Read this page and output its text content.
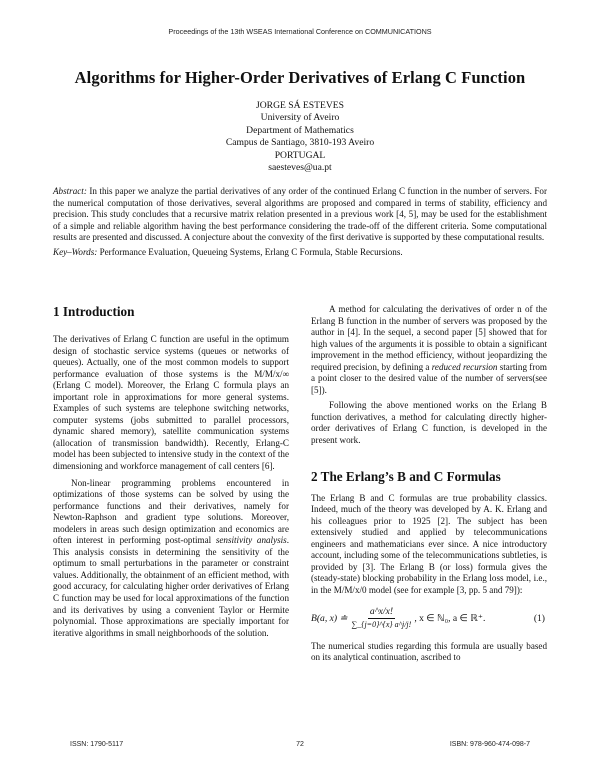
Proceedings of the 13th WSEAS International Conference on COMMUNICATIONS
Algorithms for Higher-Order Derivatives of Erlang C Function
JORGE SÁ ESTEVES
University of Aveiro
Department of Mathematics
Campus de Santiago, 3810-193 Aveiro
PORTUGAL
saesteves@ua.pt
Abstract: In this paper we analyze the partial derivatives of any order of the continued Erlang C function in the number of servers. For the numerical computation of those derivatives, several algorithms are proposed and compared in terms of stability, efficiency and precision. This study concludes that a recursive matrix relation presented in a previous work [4, 5], may be used for the establishment of a simple and reliable algorithm having the best performance considering the trade-off of the different criteria. Some computational results are presented and discussed. A conjecture about the convexity of the first derivative is supported by these computational results.
Key–Words: Performance Evaluation, Queueing Systems, Erlang C Formula, Stable Recursions.
1 Introduction

The derivatives of Erlang C function are useful in the optimum design of stochastic service systems (queues or networks of queues). Actually, one of the most common models to support performance evaluation of those systems is the M/M/x/∞ (Erlang C model). Moreover, the Erlang C formula plays an important role in approximations for more general systems. Examples of such systems are telephone switching networks, computer systems (jobs submitted to parallel processors, dynamic shared memory), satellite communication systems (allocation of transmission bandwidth). Recently, Erlang-C model has been subjected to intensive study in the context of the dimensioning and workforce management of call centers [6].

Non-linear programming problems encountered in optimizations of those systems can be solved by using the performance functions and their derivatives, namely for Newton-Raphson and gradient type solutions. Moreover, modelers in areas such design optimization and economics are often interest in performing post-optimal sensitivity analysis. This analysis consists in determining the sensitivity of the optimum to small perturbations in the parameter or constraint values. Additionally, the obtainment of an efficient method, with good accuracy, for calculating higher order derivatives of Erlang C function may be used for local approximations of the function and its derivatives by using a convenient Taylor or Hermite polynomial. Those approximations are specially important for iterative algorithms in small neighborhoods of the solution.

A method for calculating the derivatives of order n of the Erlang B function in the number of servers was proposed by the author in [4]. In the sequel, a second paper [5] showed that for high values of the arguments it is possible to obtain a significant improvement in the method efficiency, without jeopardizing the required precision, by defining a reduced recursion starting from a point closer to the desired value of the number of servers(see [5]).

Following the above mentioned works on the Erlang B function derivatives, a method for calculating directly higher-order derivatives of Erlang C function, is developed in the present work.

2 The Erlang’s B and C Formulas

The Erlang B and C formulas are true probability classics. Indeed, much of the theory was developed by A. K. Erlang and his colleagues prior to 1925 [2]. The subject has been extensively studied and applied by telecommunications engineers and mathematicians ever since. A nice introductory account, including some of the telecommunications subtleties, is provided by [3]. The Erlang B (or loss) formula gives the (steady-state) blocking probability in the Erlang loss model, i.e., in the M/M/x/0 model (see for example [3, pp. 5 and 79]):

B(a, x) ≐
a^x/x!
∑_{j=0}^{x} a^j/j!
, x ∈ ℕ₀, a ∈ ℝ⁺.	(1)

The numerical studies regarding this formula are usually based on its analytical continuation, ascribed to

ISSN: 1790-5117	72	ISBN: 978-960-474-098-7
